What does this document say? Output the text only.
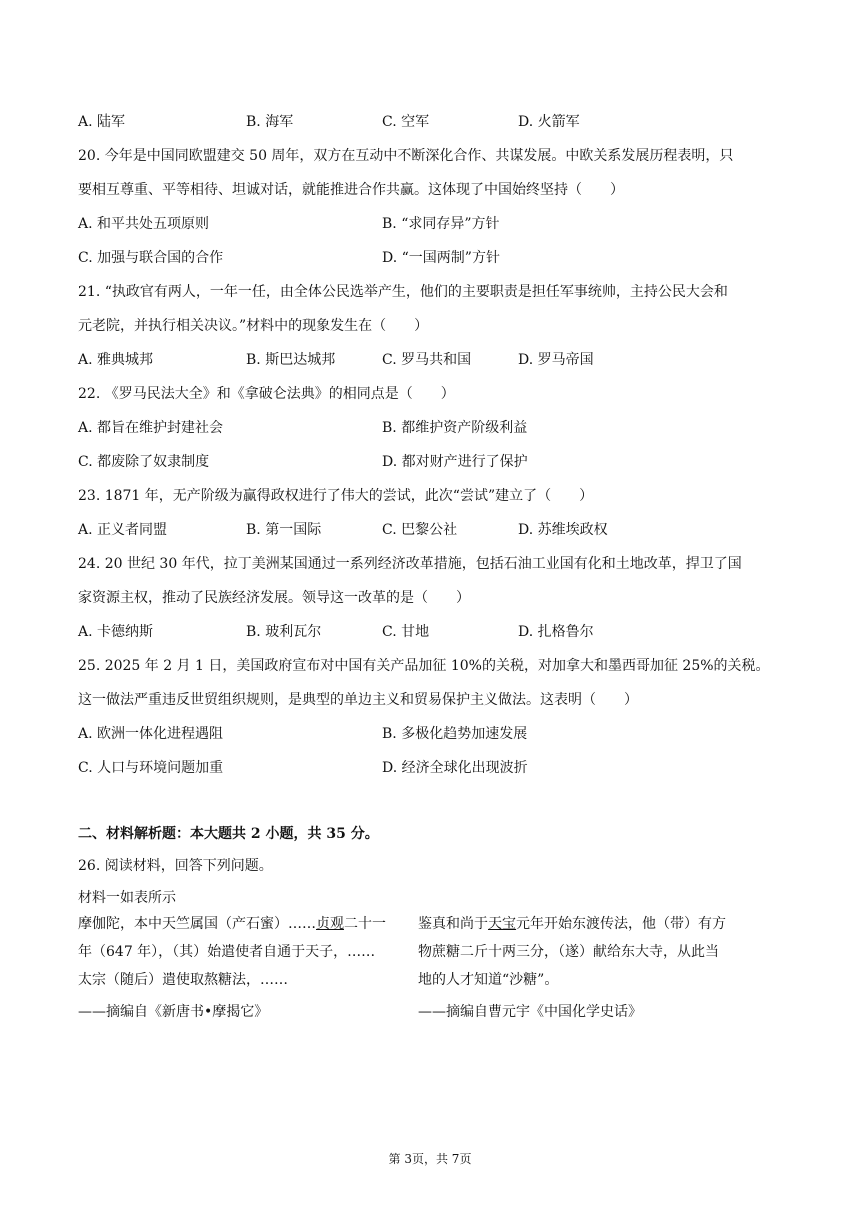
A. 陆军	B. 海军	C. 空军	D. 火箭军
20. 今年是中国同欧盟建交 50 周年，双方在互动中不断深化合作、共谋发展。中欧关系发展历程表明，只
要相互尊重、平等相待、坦诚对话，就能推进合作共赢。这体现了中国始终坚持（　　）
A. 和平共处五项原则	B. “求同存异”方针
C. 加强与联合国的合作	D. “一国两制”方针
21. “执政官有两人，一年一任，由全体公民选举产生，他们的主要职责是担任军事统帅，主持公民大会和
元老院，并执行相关决议。”材料中的现象发生在（　　）
A. 雅典城邦	B. 斯巴达城邦	C. 罗马共和国	D. 罗马帝国
22. 《罗马民法大全》和《拿破仑法典》的相同点是（　　）
A. 都旨在维护封建社会	B. 都维护资产阶级利益
C. 都废除了奴隶制度	D. 都对财产进行了保护
23. 1871 年，无产阶级为赢得政权进行了伟大的尝试，此次“尝试”建立了（　　）
A. 正义者同盟	B. 第一国际	C. 巴黎公社	D. 苏维埃政权
24. 20 世纪 30 年代，拉丁美洲某国通过一系列经济改革措施，包括石油工业国有化和土地改革，捍卫了国
家资源主权，推动了民族经济发展。领导这一改革的是（　　）
A. 卡德纳斯	B. 玻利瓦尔	C. 甘地	D. 扎格鲁尔
25. 2025 年 2 月 1 日，美国政府宣布对中国有关产品加征 10%的关税，对加拿大和墨西哥加征 25%的关税。
这一做法严重违反世贸组织规则，是典型的单边主义和贸易保护主义做法。这表明（　　）
A. 欧洲一体化进程遇阻	B. 多极化趋势加速发展
C. 人口与环境问题加重	D. 经济全球化出现波折
二、材料解析题：本大题共 2 小题，共 35 分。
26. 阅读材料，回答下列问题。
材料一如表所示
摩伽陀，本中天竺属国（产石蜜）……贞观二十一
年（647 年），（其）始遣使者自通于天子，……
太宗（随后）遣使取熬糖法，……
——摘编自《新唐书•摩揭它》
鉴真和尚于天宝元年开始东渡传法，他（带）有方
物蔗糖二斤十两三分，（遂）献给东大寺，从此当
地的人才知道“沙糖”。
——摘编自曹元宇《中国化学史话》
第 3页，共 7页
